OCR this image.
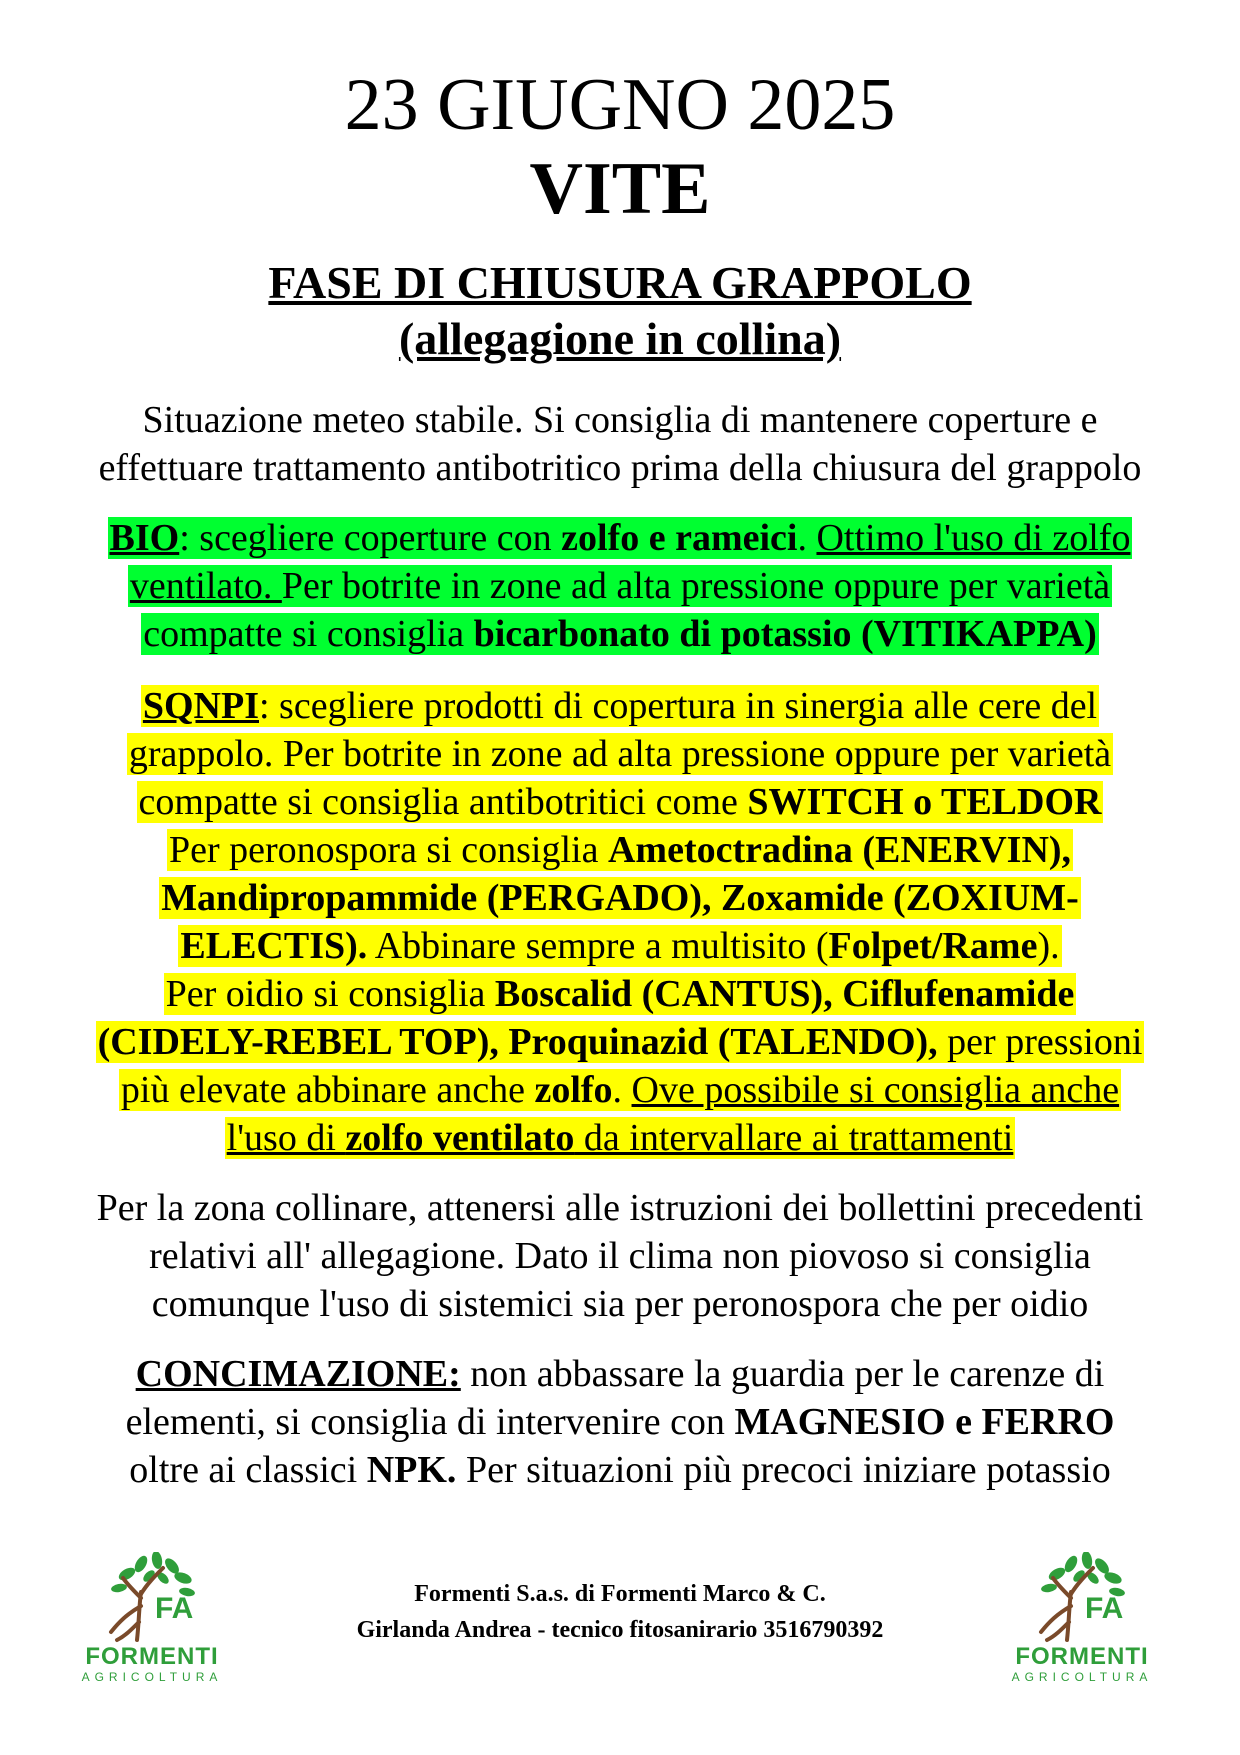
23 GIUGNO 2025
VITE
FASE DI CHIUSURA GRAPPOLO
(allegagione in collina)
Situazione meteo stabile. Si consiglia di mantenere coperture e
effettuare trattamento antibotritico prima della chiusura del grappolo
BIO: scegliere coperture con zolfo e rameici. Ottimo l'uso di zolfo
ventilato. Per botrite in zone ad alta pressione oppure per varietà
compatte si consiglia bicarbonato di potassio (VITIKAPPA)
SQNPI: scegliere prodotti di copertura in sinergia alle cere del
grappolo. Per botrite in zone ad alta pressione oppure per varietà
compatte si consiglia antibotritici come SWITCH o TELDOR
Per peronospora si consiglia Ametoctradina (ENERVIN),
Mandipropammide (PERGADO), Zoxamide (ZOXIUM-
ELECTIS). Abbinare sempre a multisito (Folpet/Rame).
Per oidio si consiglia Boscalid (CANTUS), Ciflufenamide
(CIDELY-REBEL TOP), Proquinazid (TALENDO), per pressioni
più elevate abbinare anche zolfo. Ove possibile si consiglia anche
l'uso di zolfo ventilato da intervallare ai trattamenti
Per la zona collinare, attenersi alle istruzioni dei bollettini precedenti
relativi all' allegagione. Dato il clima non piovoso si consiglia
comunque l'uso di sistemici sia per peronospora che per oidio
CONCIMAZIONE: non abbassare la guardia per le carenze di
elementi, si consiglia di intervenire con MAGNESIO e FERRO
oltre ai classici NPK. Per situazioni più precoci iniziare potassio
FA
FORMENTI
AGRICOLTURA
Formenti S.a.s. di Formenti Marco & C.
Girlanda Andrea - tecnico fitosanirario 3516790392
FA
FORMENTI
AGRICOLTURA
